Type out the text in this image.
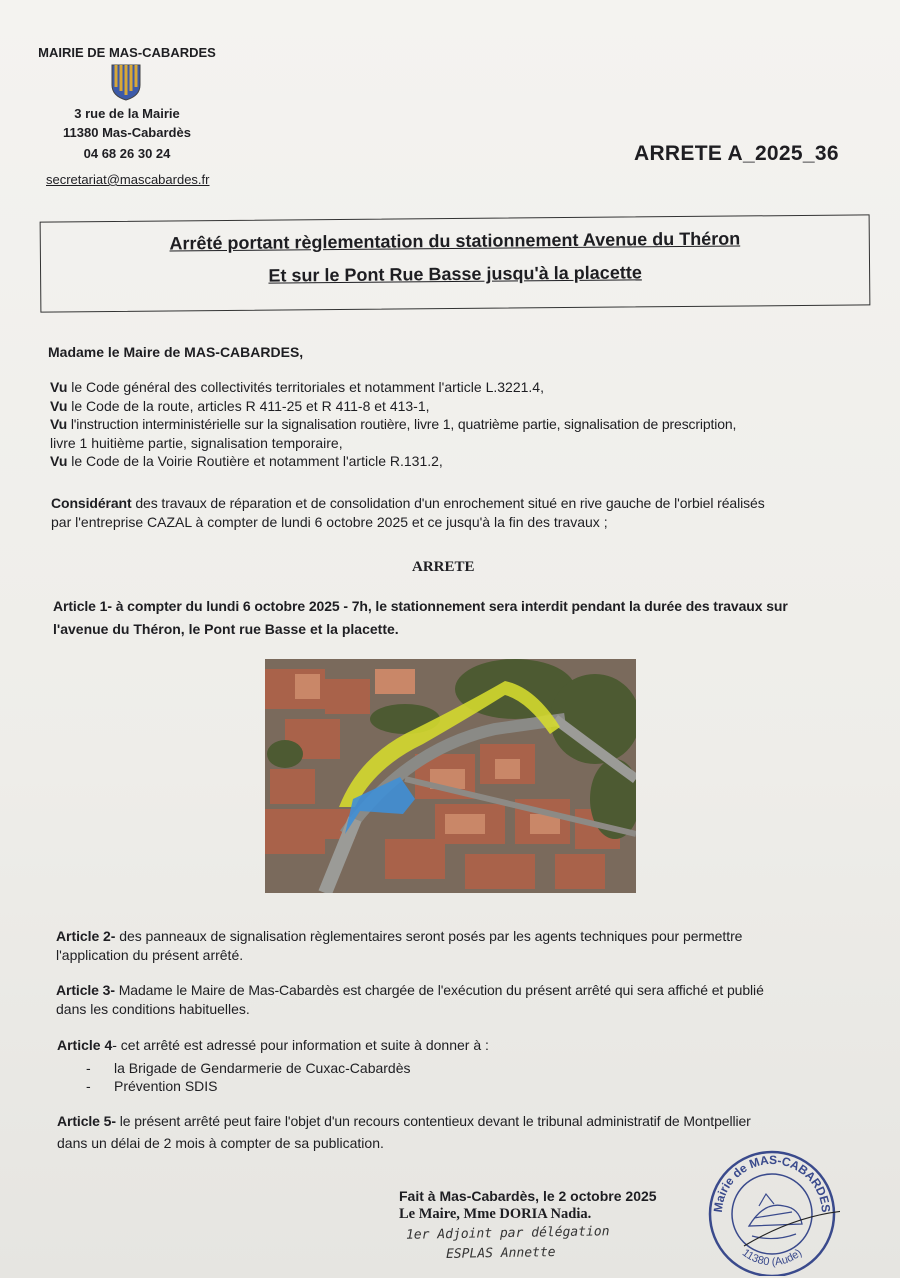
MAIRIE DE MAS-CABARDES
3 rue de la Mairie
11380 Mas-Cabardès
04 68 26 30 24
secretariat@mascabardes.fr
ARRETE A_2025_36
Arrêté portant règlementation du stationnement Avenue du Théron
Et sur le Pont Rue Basse jusqu'à la placette
Madame le Maire de MAS-CABARDES,
Vu le Code général des collectivités territoriales et notamment l'article L.3221.4,
Vu le Code de la route, articles R 411-25 et R 411-8 et 413-1,
Vu l'instruction interministérielle sur la signalisation routière, livre 1, quatrième partie, signalisation de prescription,
livre 1 huitième partie, signalisation temporaire,
Vu le Code de la Voirie Routière et notamment l'article R.131.2,
Considérant des travaux de réparation et de consolidation d'un enrochement situé en rive gauche de l'orbiel réalisés
par l'entreprise CAZAL à compter de lundi 6 octobre 2025 et ce jusqu'à la fin des travaux ;
ARRETE
Article 1- à compter du lundi 6 octobre 2025 - 7h, le stationnement sera interdit pendant la durée des travaux sur
l'avenue du Théron, le Pont rue Basse et la placette.
Article 2- des panneaux de signalisation règlementaires seront posés par les agents techniques pour permettre
l'application du présent arrêté.
Article 3- Madame le Maire de Mas-Cabardès est chargée de l'exécution du présent arrêté qui sera affiché et publié
dans les conditions habituelles.
Article 4- cet arrêté est adressé pour information et suite à donner à :
-      la Brigade de Gendarmerie de Cuxac-Cabardès
-      Prévention SDIS
Article 5- le présent arrêté peut faire l'objet d'un recours contentieux devant le tribunal administratif de Montpellier
dans un délai de 2 mois à compter de sa publication.
Fait à Mas-Cabardès, le 2 octobre 2025
Le Maire, Mme DORIA Nadia.
1er Adjoint par délégation
ESPLAS Annette
Mairie de MAS-CABARDES
11380 (Aude)
